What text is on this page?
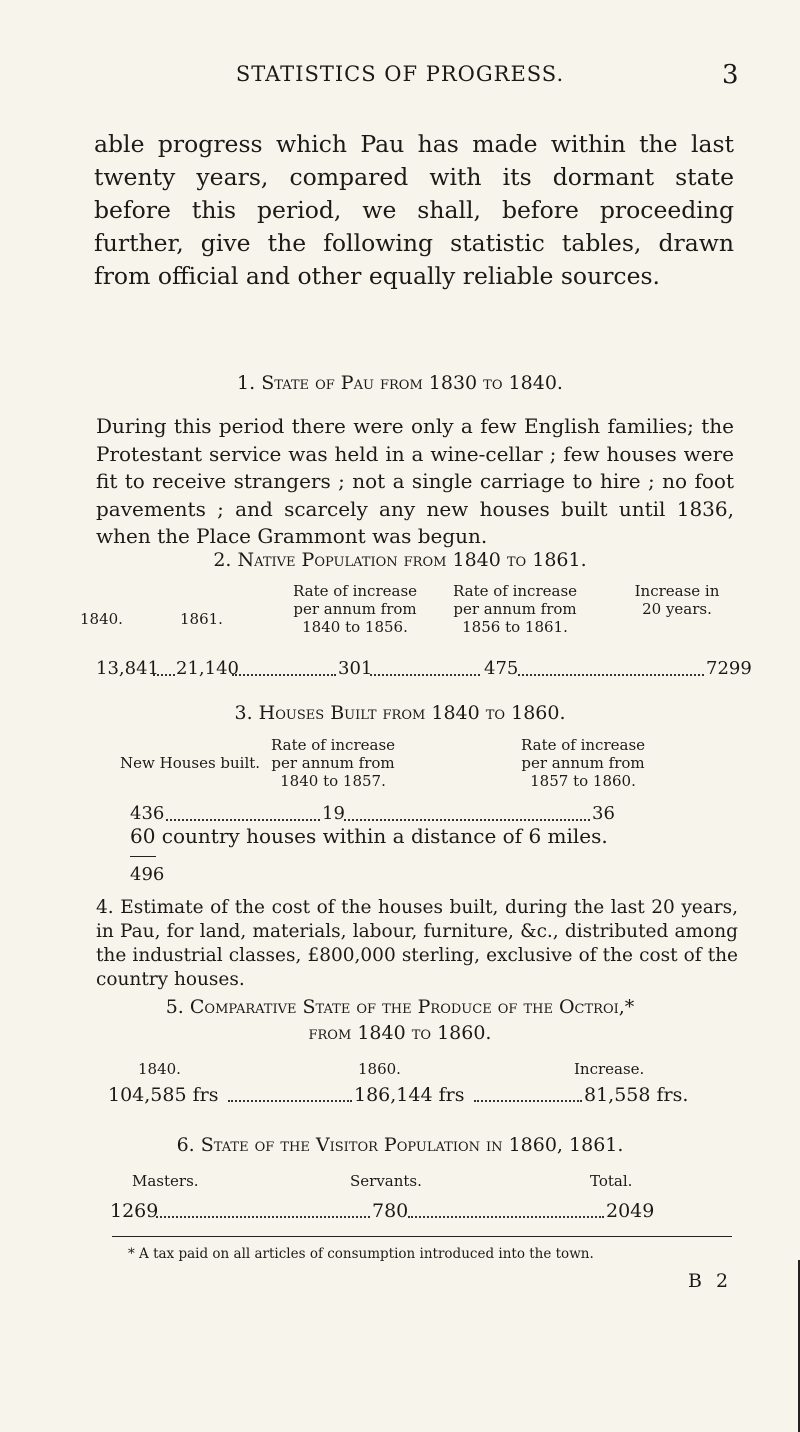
STATISTICS OF PROGRESS.	3
able progress which Pau has made within the last twenty years, compared with its dormant state before this period, we shall, before proceeding further, give the following statistic tables, drawn from official and other equally reliable sources.
1. State of Pau from 1830 to 1840.
During this period there were only a few English families; the Protestant service was held in a wine-cellar ; few houses were fit to receive strangers ; not a single carriage to hire ; no foot pavements ; and scarcely any new houses built until 1836, when the Place Grammont was begun.
2. Native Population from 1840 to 1861.
1840.	1861.
Rate of increase per annum from 1840 to 1856.
Rate of increase per annum from 1856 to 1861.
Increase in 20 years.
13,841 21,140	301	475	7299
3. Houses Built from 1840 to 1860.
New Houses built.
Rate of increase per annum from 1840 to 1857.
Rate of increase per annum from 1857 to 1860.
436	19	36
60 country houses within a distance of 6 miles.
496
4. Estimate of the cost of the houses built, during the last 20 years, in Pau, for land, materials, labour, furniture, &c., distributed among the industrial classes, £800,000 sterling, exclusive of the cost of the country houses.
5. Comparative State of the Produce of the Octroi,*
from 1840 to 1860.
1840.	1860.	Increase.
104,585 frs	186,144 frs	81,558 frs.
6. State of the Visitor Population in 1860, 1861.
Masters.	Servants.	Total.
1269	780	2049
* A tax paid on all articles of consumption introduced into the town.
B 2
